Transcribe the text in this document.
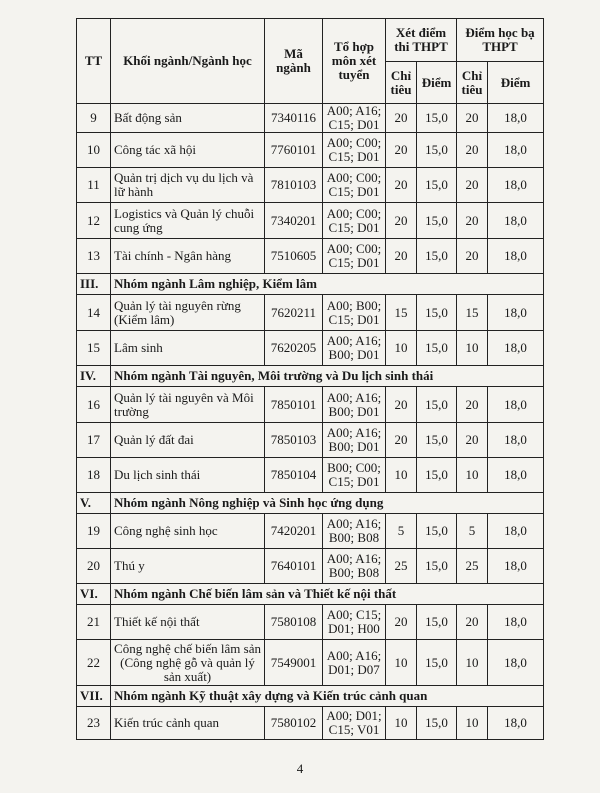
TT	Khối ngành/Ngành học	Mã ngành	Tổ hợp môn xét tuyển	Xét điểm thi THPT		Điểm học bạ THPT	
				Chỉ tiêu	Điểm	Chỉ tiêu	Điểm
9	Bất động sản	7340116	A00; A16; C15; D01	20	15,0	20	18,0
10	Công tác xã hội	7760101	A00; C00; C15; D01	20	15,0	20	18,0
11	Quản trị dịch vụ du lịch và lữ hành	7810103	A00; C00; C15; D01	20	15,0	20	18,0
12	Logistics và Quản lý chuỗi cung ứng	7340201	A00; C00; C15; D01	20	15,0	20	18,0
13	Tài chính - Ngân hàng	7510605	A00; C00; C15; D01	20	15,0	20	18,0
III.	Nhóm ngành Lâm nghiệp, Kiểm lâm						
14	Quản lý tài nguyên rừng (Kiểm lâm)	7620211	A00; B00; C15; D01	15	15,0	15	18,0
15	Lâm sinh	7620205	A00; A16; B00; D01	10	15,0	10	18,0
IV.	Nhóm ngành Tài nguyên, Môi trường và Du lịch sinh thái						
16	Quản lý tài nguyên và Môi trường	7850101	A00; A16; B00; D01	20	15,0	20	18,0
17	Quản lý đất đai	7850103	A00; A16; B00; D01	20	15,0	20	18,0
18	Du lịch sinh thái	7850104	B00; C00; C15; D01	10	15,0	10	18,0
V.	Nhóm ngành Nông nghiệp và Sinh học ứng dụng						
19	Công nghệ sinh học	7420201	A00; A16; B00; B08	5	15,0	5	18,0
20	Thú y	7640101	A00; A16; B00; B08	25	15,0	25	18,0
VI.	Nhóm ngành Chế biến lâm sản và Thiết kế nội thất						
21	Thiết kế nội thất	7580108	A00; C15; D01; H00	20	15,0	20	18,0
22	Công nghệ chế biến lâm sản (Công nghệ gỗ và quản lý sản xuất)	7549001	A00; A16; D01; D07	10	15,0	10	18,0
VII.	Nhóm ngành Kỹ thuật xây dựng và Kiến trúc cảnh quan						
23	Kiến trúc cảnh quan	7580102	A00; D01; C15; V01	10	15,0	10	18,0
4
